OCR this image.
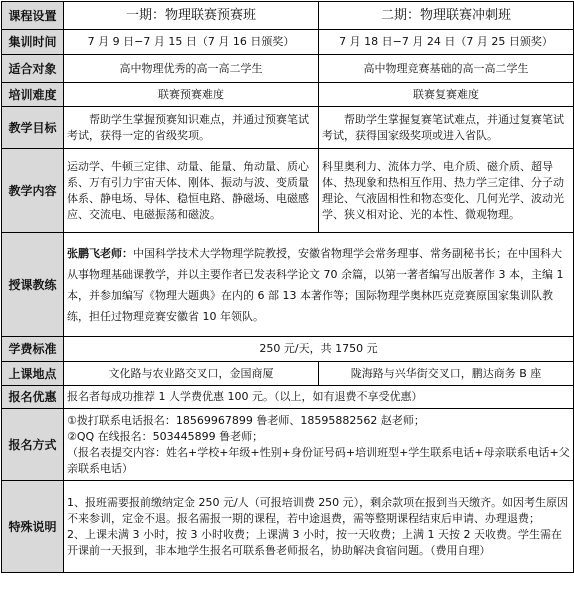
课程设置	一期：物理联赛预赛班	二期：物理联赛冲刺班
集训时间	7 月 9 日−7 月 15 日（7 月 16 日颁奖）	7 月 18 日−7 月 24 日（7 月 25 日颁奖）
适合对象	高中物理优秀的高一高二学生	高中物理竞赛基础的高一高二学生
培训难度	联赛预赛难度	联赛复赛难度
教学目标	帮助学生掌握预赛知识难点，并通过预赛笔试考试，获得一定的省级奖项。	帮助学生掌握复赛笔试难点，并通过复赛笔试考试，获得国家级奖项或进入省队。
教学内容	运动学、牛顿三定律、动量、能量、角动量、质心系、万有引力宇宙天体、刚体、振动与波、变质量体系、静电场、导体、稳恒电路、静磁场、电磁感应、交流电、电磁振荡和磁波。	科里奥利力、流体力学、电介质、磁介质、超导体、热现象和热相互作用、热力学三定律、分子动理论、气液固相性和物态变化、几何光学、波动光学、狭义相对论、光的本性、微观物理。
授课教练	张鹏飞老师：中国科学技术大学物理学院教授，安徽省物理学会常务理事、常务副秘书长；在中国科大从事物理基础课教学，并以主要作者已发表科学论文 70 余篇，以第一著者编写出版著作 3 本，主编 1 本，并参加编写《物理大题典》在内的 6 部 13 本著作等；国际物理学奥林匹克竞赛原国家集训队教练，担任过物理竞赛安徽省 10 年领队。	
学费标准	250 元/天，共 1750 元	
上课地点	文化路与农业路交叉口，金国商厦	陇海路与兴华街交叉口，鹏达商务 B 座
报名优惠	报名者每成功推荐 1 人学费优惠 100 元。（以上，如有退费不享受优惠）	
报名方式	①拨打联系电话报名：18569967899 鲁老师、18595882562 赵老师；
②QQ 在线报名：503445899 鲁老师；
（报名表提交内容：姓名+学校+年级+性别+身份证号码+培训班型+学生联系电话+母亲联系电话+父亲联系电话）	

特殊说明	1、报班需要报前缴纳定金 250 元/人（可报培训费 250 元），剩余款项在报到当天缴齐。如因考生原因不来参训，定金不退。报名需报一期的课程，若中途退费，需等整期课程结束后申请、办理退费；
2、上课未满 3 小时，按 3 小时收费；上课满 3 小时，按一天收费；上满 1 天按 2 天收费。学生需在开课前一天报到，非本地学生报名可联系鲁老师报名，协助解决食宿问题。（费用自理）	
